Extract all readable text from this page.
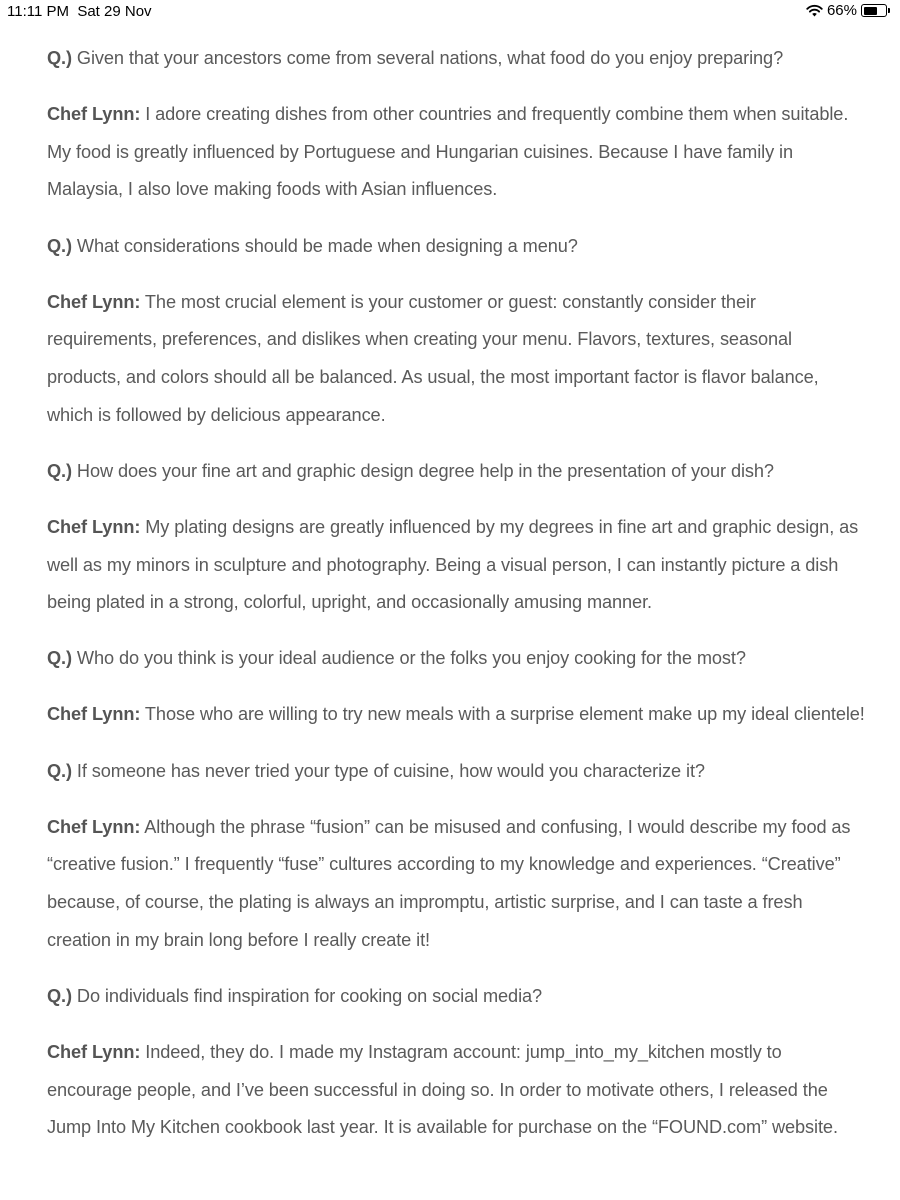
11:11 PM Sat 29 Nov	66%

Q.) Given that your ancestors come from several nations, what food do you enjoy preparing?

Chef Lynn: I adore creating dishes from other countries and frequently combine them when suitable. My food is greatly influenced by Portuguese and Hungarian cuisines. Because I have family in Malaysia, I also love making foods with Asian influences.

Q.) What considerations should be made when designing a menu?

Chef Lynn: The most crucial element is your customer or guest: constantly consider their requirements, preferences, and dislikes when creating your menu. Flavors, textures, seasonal products, and colors should all be balanced. As usual, the most important factor is flavor balance, which is followed by delicious appearance.

Q.) How does your fine art and graphic design degree help in the presentation of your dish?

Chef Lynn: My plating designs are greatly influenced by my degrees in fine art and graphic design, as well as my minors in sculpture and photography. Being a visual person, I can instantly picture a dish being plated in a strong, colorful, upright, and occasionally amusing manner.

Q.) Who do you think is your ideal audience or the folks you enjoy cooking for the most?

Chef Lynn: Those who are willing to try new meals with a surprise element make up my ideal clientele!

Q.) If someone has never tried your type of cuisine, how would you characterize it?

Chef Lynn: Although the phrase “fusion” can be misused and confusing, I would describe my food as “creative fusion.” I frequently “fuse” cultures according to my knowledge and experiences. “Creative” because, of course, the plating is always an impromptu, artistic surprise, and I can taste a fresh creation in my brain long before I really create it!

Q.) Do individuals find inspiration for cooking on social media?

Chef Lynn: Indeed, they do. I made my Instagram account: jump_into_my_kitchen mostly to encourage people, and I’ve been successful in doing so. In order to motivate others, I released the Jump Into My Kitchen cookbook last year. It is available for purchase on the “FOUND.com” website.
